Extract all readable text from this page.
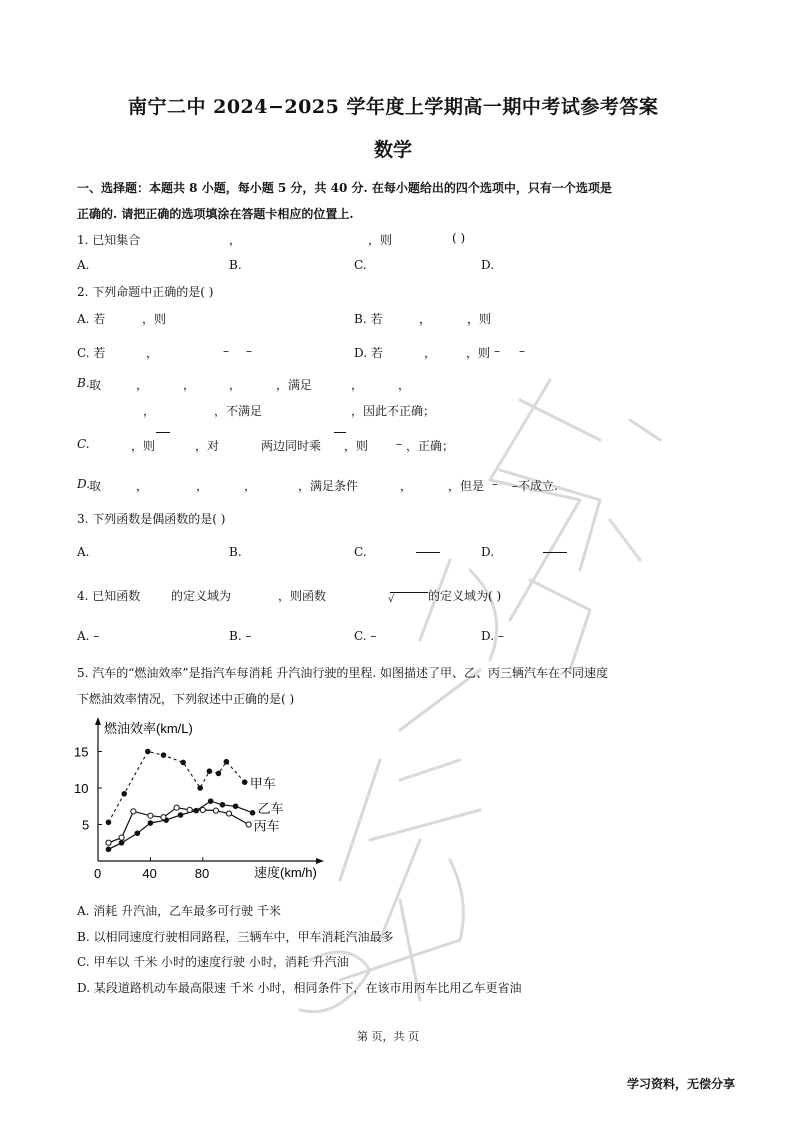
南宁二中 2024−2025 学年度上学期高一期中考试参考答案
数学
一、选择题：本题共 8 小题，每小题 5 分，共 40 分. 在每小题给出的四个选项中，只有一个选项是
正确的. 请把正确的选项填涂在答题卡相应的位置上.
1. 已知集合	，	，则	( )
A.	B.	C.	D.
2. 下列命题中正确的是( )
A. 若	，则	B. 若	，	，则
C. 若	，	– –	D. 若	， ，则 – –
B. 取	，	，	，	，满足	，	，
，	，不满足	，因此不正确；
C.	，则	，对	两边同时乘 ，则 – ，正确；
D.
取	，	，	，	，满足条件	，	，但是 – –不成立.
3. 下列函数是偶函数的是( )
A.	B.	C.	D.
4. 已知函数	的定义域为	，则函数	√	的定义域为( )
A. –	B. –	C. –	D. –
5. 汽车的“燃油效率”是指汽车每消耗 升汽油行驶的里程. 如图描述了甲、乙、丙三辆汽车在不同速度
下燃油效率情况，下列叙述中正确的是( )
0	40	80
5
10
15
燃油效率(km/L)
速度(km/h)
甲车
乙车
丙车
A. 消耗 升汽油，乙车最多可行驶 千米
B. 以相同速度行驶相同路程，三辆车中，甲车消耗汽油最多
C. 甲车以 千米 小时的速度行驶 小时，消耗 升汽油
D. 某段道路机动车最高限速 千米 小时，相同条件下，在该市用丙车比用乙车更省油
第 页，共 页
学习资料，无偿分享
